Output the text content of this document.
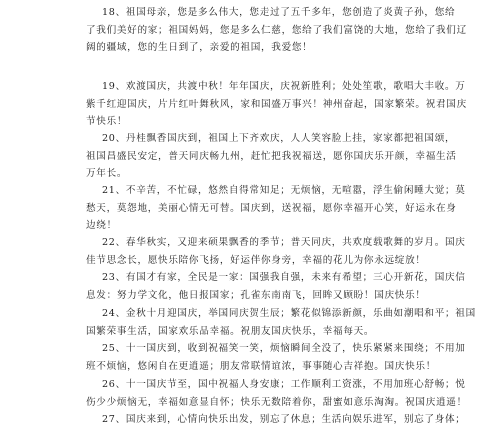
18、祖国母亲，您是多么伟大，您走过了五千多年，您创造了炎黄子孙，您给
了我们美好的家；祖国妈妈，您是多么仁慈，您给了我们富饶的大地，您给了我们辽
阔的疆域，您的生日到了，亲爱的祖国，我爱您！
19、欢渡国庆，共渡中秋！年年国庆，庆祝新胜利；处处笙歌，歌唱大丰收。万
紫千红迎国庆，片片红叶舞秋风，家和国盛万事兴！神州奋起，国家繁荣。祝君国庆
节快乐！
20、丹桂飘香国庆到，祖国上下齐欢庆，人人笑容脸上挂，家家都把祖国颂，
祖国昌盛民安定，普天同庆畅九州，赶忙把我祝福送，愿你国庆乐开颜，幸福生活
万年长。
21、不辛苦，不忙碌，悠然自得常知足；无烦恼，无喧嚣，浮生偷闲睡大觉；莫
愁天，莫怨地，美丽心情无可替。国庆到，送祝福，愿你幸福开心笑，好运永在身
边绕！
22、春华秋实，又迎来硕果飘香的季节；普天同庆，共欢度载歌舞的岁月。国庆
佳节思念长，愿快乐陪你飞扬，好运伴你身旁，幸福的花儿为你永远绽放！
23、有国才有家，全民是一家：国强我自强，未来有希望；三心开新花，国庆信
息发：努力学文化，他日报国家；孔雀东南南飞，回眸又顾盼！国庆快乐！
24、金秋十月迎国庆，举国同庆贺生辰；繁花似锦添新颜，乐曲如潮唱和平；祖国
国繁荣事生活，国家欢乐品幸福。祝朋友国庆快乐，幸福每天。
25、十一国庆到，收到祝福笑一笑，烦恼瞬间全没了，快乐紧紧来围绕；不用加
班不烦恼，悠闲自在更逍遥；朋友常联情谊浓，事事随心吉祥抱。国庆快乐！
26、十一国庆节至，国中祝福人身安康；工作顺利工资涨，不用加班心舒畅；悦
伤少少烦恼无，幸福如意显自怀；快乐无数陪着你，甜蜜如意乐淘淘。祝国庆逍遥！
27、国庆来到，心情向快乐出发，别忘了休息；生活向娱乐进军，别忘了身体；
